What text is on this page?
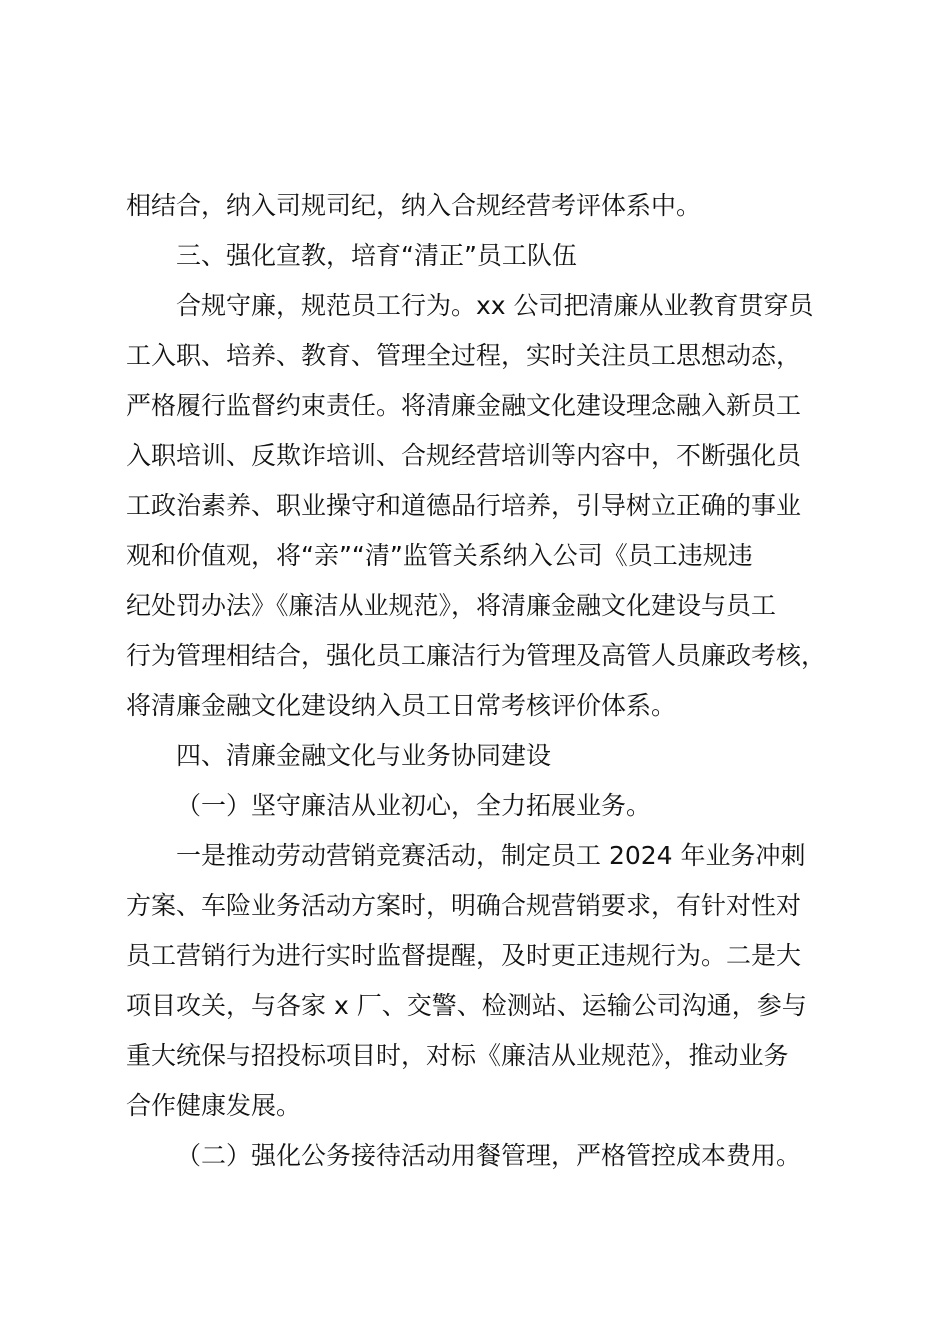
相结合，纳入司规司纪，纳入合规经营考评体系中。
三、强化宣教，培育“清正”员工队伍
合规守廉，规范员工行为。xx 公司把清廉从业教育贯穿员
工入职、培养、教育、管理全过程，实时关注员工思想动态，
严格履行监督约束责任。将清廉金融文化建设理念融入新员工
入职培训、反欺诈培训、合规经营培训等内容中，不断强化员
工政治素养、职业操守和道德品行培养，引导树立正确的事业
观和价值观，将“亲”“清”监管关系纳入公司《员工违规违
纪处罚办法》《廉洁从业规范》，将清廉金融文化建设与员工
行为管理相结合，强化员工廉洁行为管理及高管人员廉政考核，
将清廉金融文化建设纳入员工日常考核评价体系。
四、清廉金融文化与业务协同建设
（一）坚守廉洁从业初心，全力拓展业务。
一是推动劳动营销竞赛活动，制定员工 2024 年业务冲刺
方案、车险业务活动方案时，明确合规营销要求，有针对性对
员工营销行为进行实时监督提醒，及时更正违规行为。二是大
项目攻关，与各家 x 厂、交警、检测站、运输公司沟通，参与
重大统保与招投标项目时，对标《廉洁从业规范》，推动业务
合作健康发展。
（二）强化公务接待活动用餐管理，严格管控成本费用。
